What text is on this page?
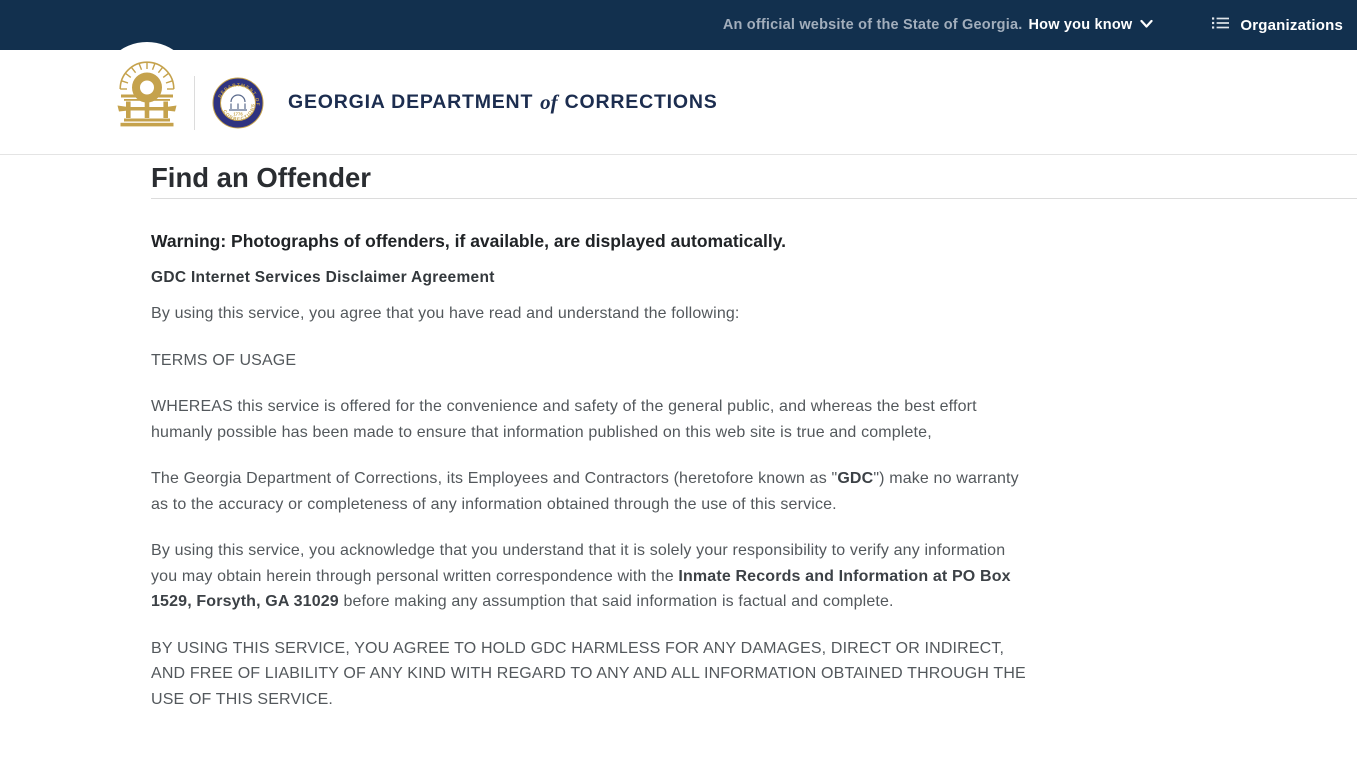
An official website of the State of Georgia. How you know	Organizations
DEPARTMENT OF
CORRECTIONS
1776
GEORGIA DEPARTMENT of CORRECTIONS
Find an Offender
Warning: Photographs of offenders, if available, are displayed automatically.
GDC Internet Services Disclaimer Agreement

By using this service, you agree that you have read and understand the following:

TERMS OF USAGE

WHEREAS this service is offered for the convenience and safety of the general public, and whereas the best effort humanly possible has been made to ensure that information published on this web site is true and complete,

The Georgia Department of Corrections, its Employees and Contractors (heretofore known as "GDC") make no warranty as to the accuracy or completeness of any information obtained through the use of this service.

By using this service, you acknowledge that you understand that it is solely your responsibility to verify any information you may obtain herein through personal written correspondence with the Inmate Records and Information at PO Box 1529, Forsyth, GA 31029 before making any assumption that said information is factual and complete.

BY USING THIS SERVICE, YOU AGREE TO HOLD GDC HARMLESS FOR ANY DAMAGES, DIRECT OR INDIRECT, AND FREE OF LIABILITY OF ANY KIND WITH REGARD TO ANY AND ALL INFORMATION OBTAINED THROUGH THE USE OF THIS SERVICE.
